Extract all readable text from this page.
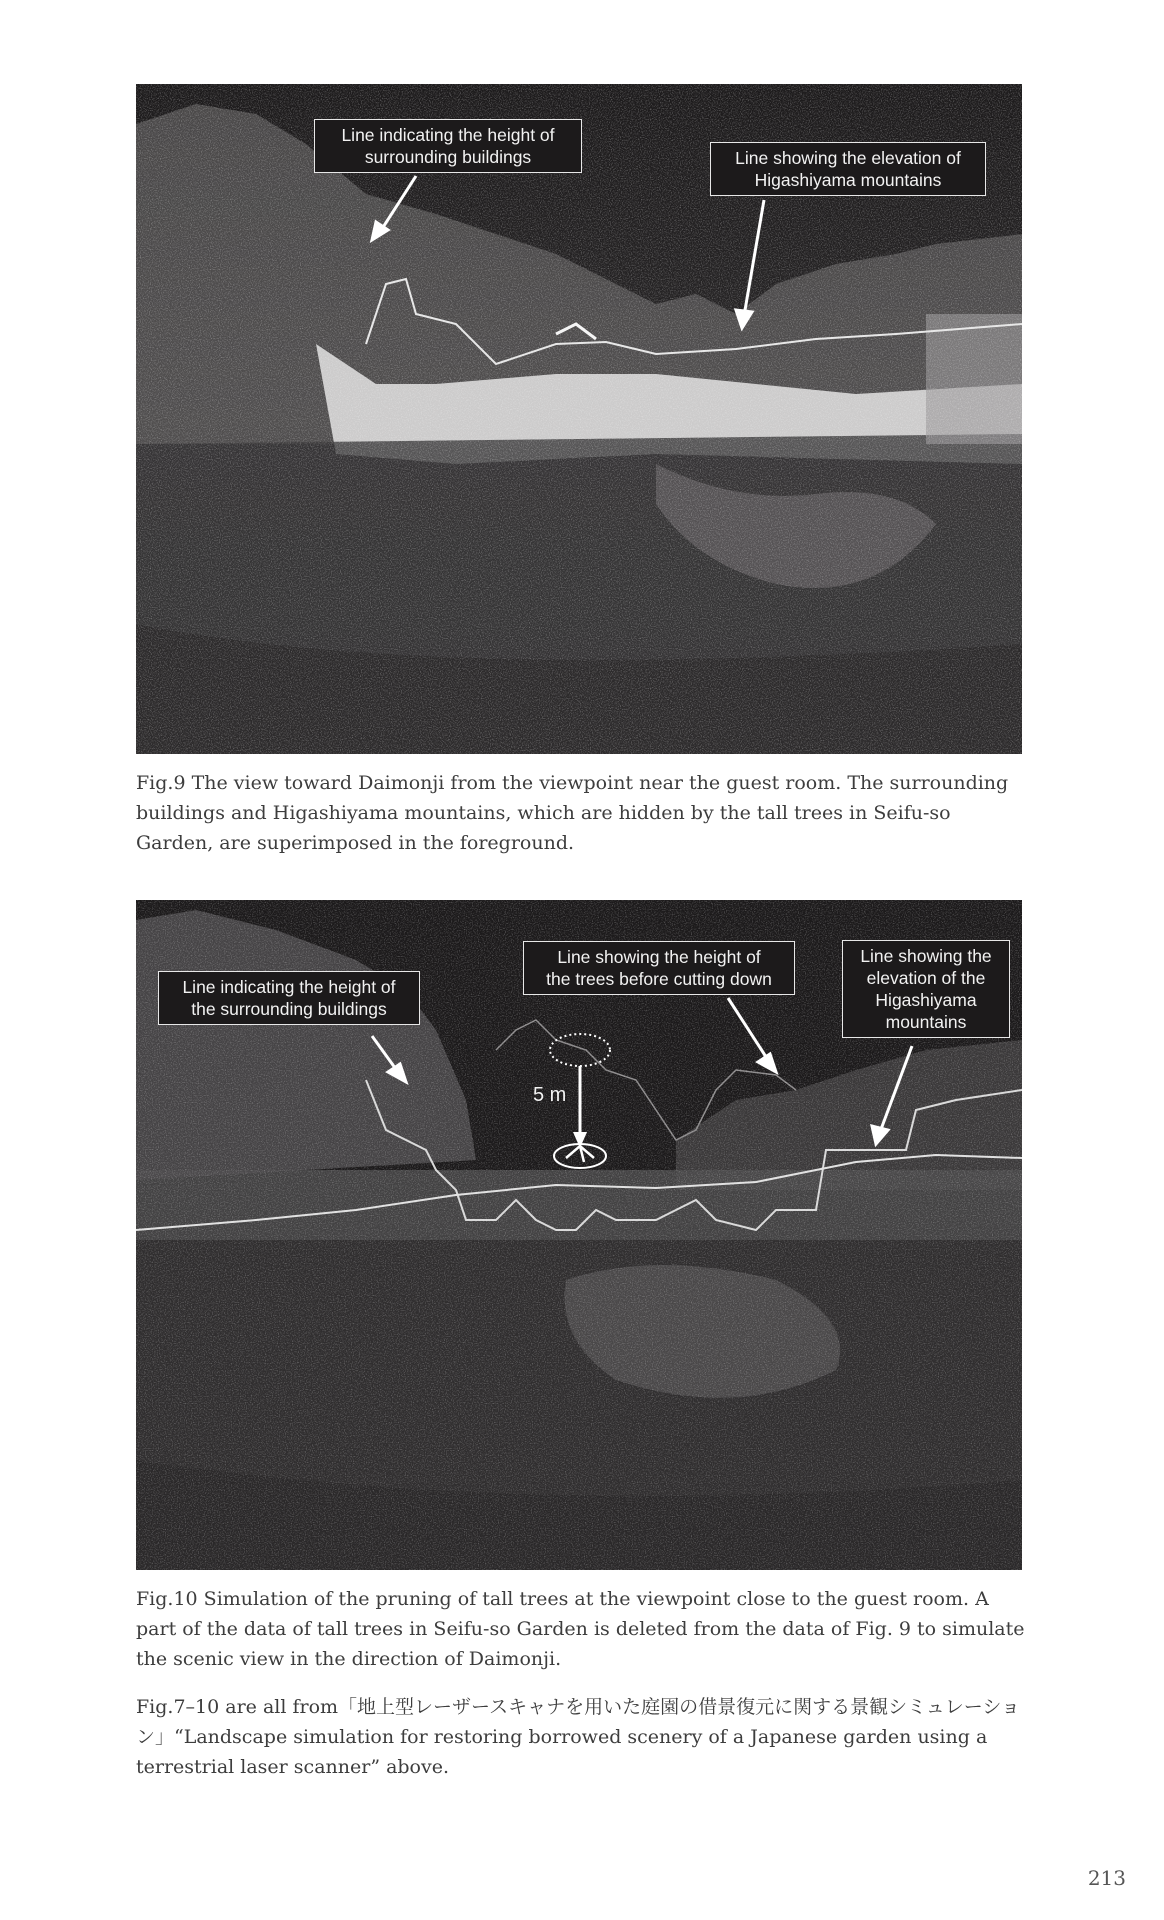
Line indicating the height of
surrounding buildings	Line showing the elevation of
Higashiyama mountains

Fig.9 The view toward Daimonji from the viewpoint near the guest room. The surrounding buildings and Higashiyama mountains, which are hidden by the tall trees in Seifu-so Garden, are superimposed in the foreground.

Line indicating the height of
the surrounding buildings
Line showing the height of
the trees before cutting down
Line showing the
elevation of the
Higashiyama
mountains
5 m

Fig.10 Simulation of the pruning of tall trees at the viewpoint close to the guest room. A part of the data of tall trees in Seifu-so Garden is deleted from the data of Fig. 9 to simulate the scenic view in the direction of Daimonji.

Fig.7–10 are all from「地上型レーザースキャナを用いた庭園の借景復元に関する景観シミュレーション」“Landscape simulation for restoring borrowed scenery of a Japanese garden using a terrestrial laser scanner” above.

213
